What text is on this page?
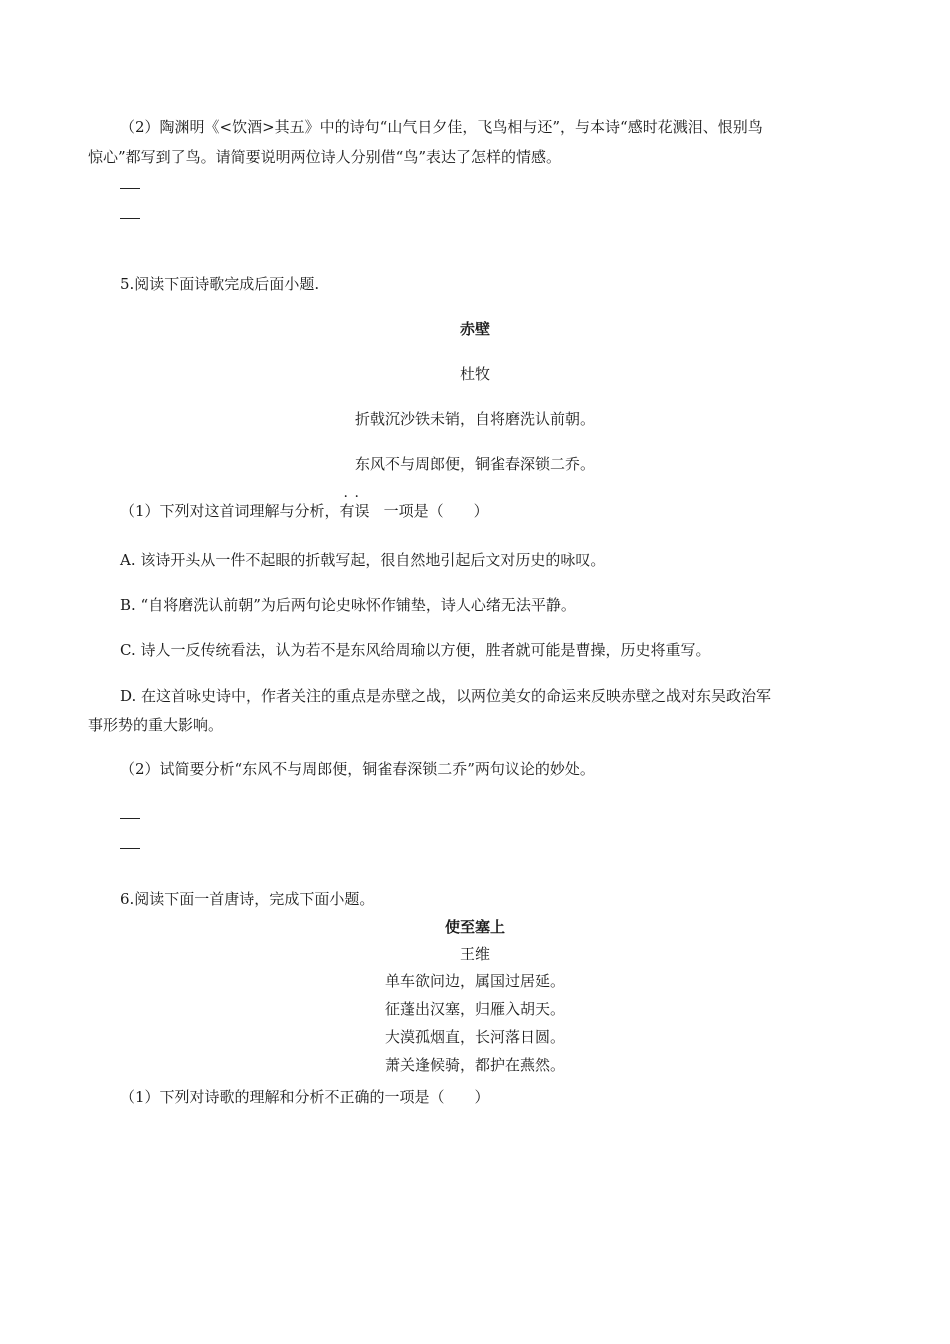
（2）陶渊明《<饮酒>其五》中的诗句“山气日夕佳，飞鸟相与还”，与本诗“感时花溅泪、恨别鸟
惊心”都写到了鸟。请简要说明两位诗人分别借“鸟”表达了怎样的情感。
5.阅读下面诗歌完成后面小题.
赤壁
杜牧
折戟沉沙铁未销，自将磨洗认前朝。
东风不与周郎便，铜雀春深锁二乔。
（1）下列对这首词理解与分析，· · 有误 一项是（　　）
A. 该诗开头从一件不起眼的折戟写起，很自然地引起后文对历史的咏叹。
B. “自将磨洗认前朝”为后两句论史咏怀作铺垫，诗人心绪无法平静。
C. 诗人一反传统看法，认为若不是东风给周瑜以方便，胜者就可能是曹操，历史将重写。
D. 在这首咏史诗中，作者关注的重点是赤壁之战，以两位美女的命运来反映赤壁之战对东吴政治军
事形势的重大影响。
（2）试简要分析“东风不与周郎便，铜雀春深锁二乔”两句议论的妙处。
6.阅读下面一首唐诗，完成下面小题。
使至塞上
王维
单车欲问边，属国过居延。
征蓬出汉塞，归雁入胡天。
大漠孤烟直，长河落日圆。
萧关逢候骑，都护在燕然。
（1）下列对诗歌的理解和分析不正确的一项是（　　）
